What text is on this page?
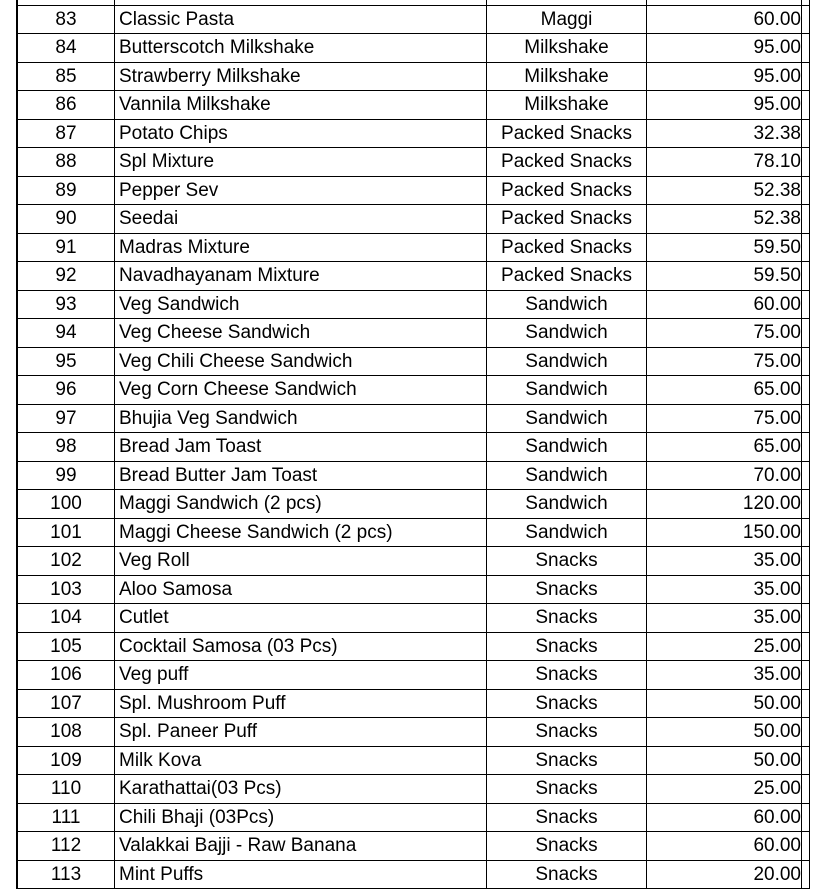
83	Classic Pasta	Maggi	60.00
84	Butterscotch Milkshake	Milkshake	95.00
85	Strawberry Milkshake	Milkshake	95.00
86	Vannila Milkshake	Milkshake	95.00
87	Potato Chips	Packed Snacks	32.38
88	Spl Mixture	Packed Snacks	78.10
89	Pepper Sev	Packed Snacks	52.38
90	Seedai	Packed Snacks	52.38
91	Madras Mixture	Packed Snacks	59.50
92	Navadhayanam Mixture	Packed Snacks	59.50
93	Veg Sandwich	Sandwich	60.00
94	Veg Cheese Sandwich	Sandwich	75.00
95	Veg Chili Cheese Sandwich	Sandwich	75.00
96	Veg Corn Cheese Sandwich	Sandwich	65.00
97	Bhujia Veg Sandwich	Sandwich	75.00
98	Bread Jam Toast	Sandwich	65.00
99	Bread Butter Jam Toast	Sandwich	70.00
100	Maggi Sandwich (2 pcs)	Sandwich	120.00
101	Maggi Cheese Sandwich (2 pcs)	Sandwich	150.00
102	Veg Roll	Snacks	35.00
103	Aloo Samosa	Snacks	35.00
104	Cutlet	Snacks	35.00
105	Cocktail Samosa (03 Pcs)	Snacks	25.00
106	Veg puff	Snacks	35.00
107	Spl. Mushroom Puff	Snacks	50.00
108	Spl. Paneer Puff	Snacks	50.00
109	Milk Kova	Snacks	50.00
110	Karathattai(03 Pcs)	Snacks	25.00
111	Chili Bhaji (03Pcs)	Snacks	60.00
112	Valakkai Bajji - Raw Banana	Snacks	60.00
113	Mint Puffs	Snacks	20.00
